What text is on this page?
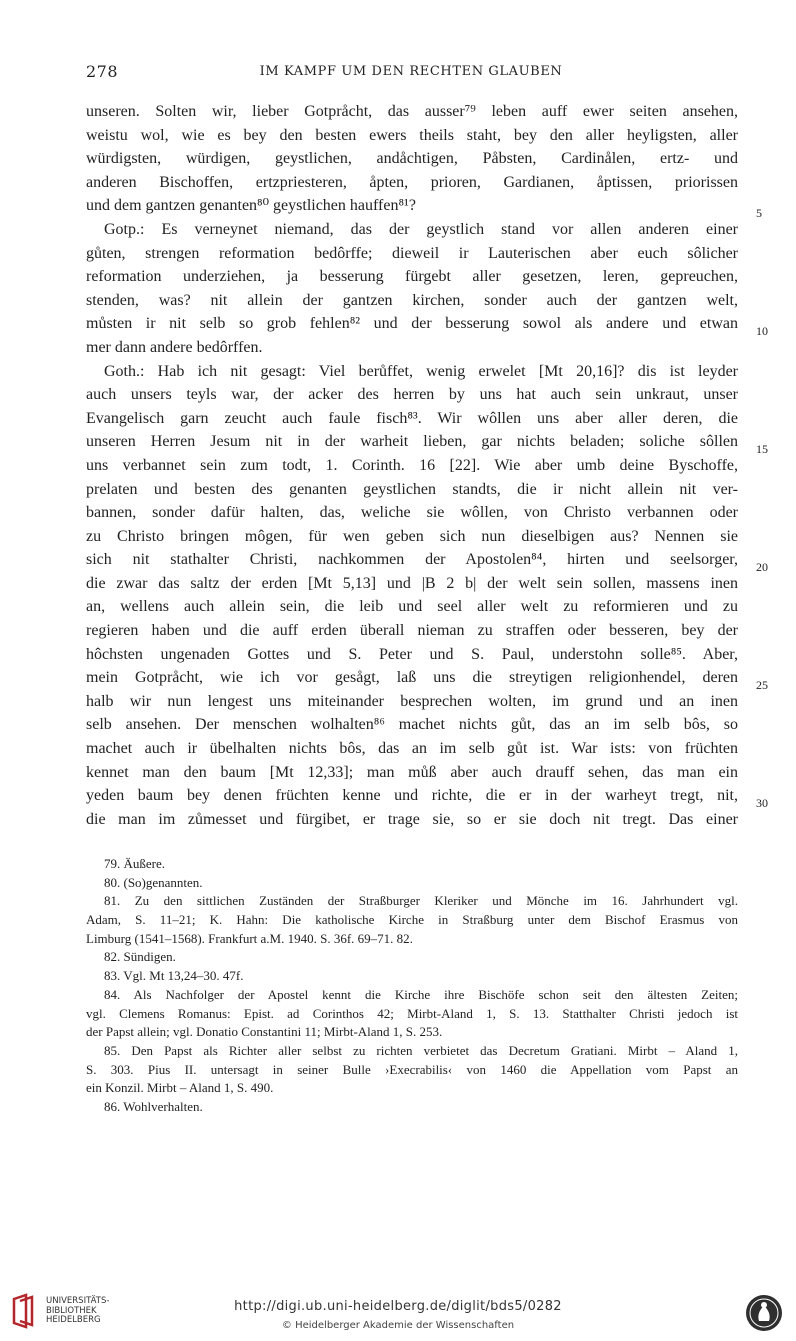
278	IM KAMPF UM DEN RECHTEN GLAUBEN
unseren. Solten wir, lieber Gotpråcht, das ausser⁷⁹ leben auff ewer seiten ansehen,
weistu wol, wie es bey den besten ewers theils staht, bey den aller heyligsten, aller
würdigsten, würdigen, geystlichen, andåchtigen, Påbsten, Cardinålen, ertz- und
anderen Bischoffen, ertzpriesteren, åpten, prioren, Gardianen, åptissen, priorissen
und dem gantzen genanten⁸⁰ geystlichen hauffen⁸¹?
Gotp.: Es verneynet niemand, das der geystlich stand vor allen anderen einer
gůten, strengen reformation bedôrffe; dieweil ir Lauterischen aber euch sôlicher
reformation underziehen, ja besserung fürgebt aller gesetzen, leren, gepreuchen,
stenden, was? nit allein der gantzen kirchen, sonder auch der gantzen welt,
můsten ir nit selb so grob fehlen⁸² und der besserung sowol als andere und etwan
mer dann andere bedôrffen.
Goth.: Hab ich nit gesagt: Viel berůffet, wenig erwelet [Mt 20,16]? dis ist leyder
auch unsers teyls war, der acker des herren by uns hat auch sein unkraut, unser
Evangelisch garn zeucht auch faule fisch⁸³. Wir wôllen uns aber aller deren, die
unseren Herren Jesum nit in der warheit lieben, gar nichts beladen; soliche sôllen
uns verbannet sein zum todt, 1. Corinth. 16 [22]. Wie aber umb deine Byschoffe,
prelaten und besten des genanten geystlichen standts, die ir nicht allein nit ver-
bannen, sonder dafür halten, das, weliche sie wôllen, von Christo verbannen oder
zu Christo bringen môgen, für wen geben sich nun dieselbigen aus? Nennen sie
sich nit stathalter Christi, nachkommen der Apostolen⁸⁴, hirten und seelsorger,
die zwar das saltz der erden [Mt 5,13] und |B 2 b| der welt sein sollen, massens inen
an, wellens auch allein sein, die leib und seel aller welt zu reformieren und zu
regieren haben und die auff erden überall nieman zu straffen oder besseren, bey der
hôchsten ungenaden Gottes und S. Peter und S. Paul, understohn solle⁸⁵. Aber,
mein Gotpråcht, wie ich vor gesågt, laß uns die streytigen religionhendel, deren
halb wir nun lengest uns miteinander besprechen wolten, im grund und an inen
selb ansehen. Der menschen wolhalten⁸⁶ machet nichts gůt, das an im selb bôs, so
machet auch ir übelhalten nichts bôs, das an im selb gůt ist. War ists: von früchten
kennet man den baum [Mt 12,33]; man můß aber auch drauff sehen, das man ein
yeden baum bey denen früchten kenne und richte, die er in der warheyt tregt, nit,
die man im zůmesset und fürgibet, er trage sie, so er sie doch nit tregt. Das einer
5
10
15
20
25
30
79. Äußere.
80. (So)genannten.
81. Zu den sittlichen Zuständen der Straßburger Kleriker und Mönche im 16. Jahrhundert vgl.
Adam, S. 11–21; K. Hahn: Die katholische Kirche in Straßburg unter dem Bischof Erasmus von
Limburg (1541–1568). Frankfurt a.M. 1940. S. 36f. 69–71. 82.
82. Sündigen.
83. Vgl. Mt 13,24–30. 47f.
84. Als Nachfolger der Apostel kennt die Kirche ihre Bischöfe schon seit den ältesten Zeiten;
vgl. Clemens Romanus: Epist. ad Corinthos 42; Mirbt-Aland 1, S. 13. Statthalter Christi jedoch ist
der Papst allein; vgl. Donatio Constantini 11; Mirbt-Aland 1, S. 253.
85. Den Papst als Richter aller selbst zu richten verbietet das Decretum Gratiani. Mirbt – Aland 1,
S. 303. Pius II. untersagt in seiner Bulle ›Execrabilis‹ von 1460 die Appellation vom Papst an
ein Konzil. Mirbt – Aland 1, S. 490.
86. Wohlverhalten.
UNIVERSITÄTS-
BIBLIOTHEK
HEIDELBERG
http://digi.ub.uni-heidelberg.de/diglit/bds5/0282
© Heidelberger Akademie der Wissenschaften
